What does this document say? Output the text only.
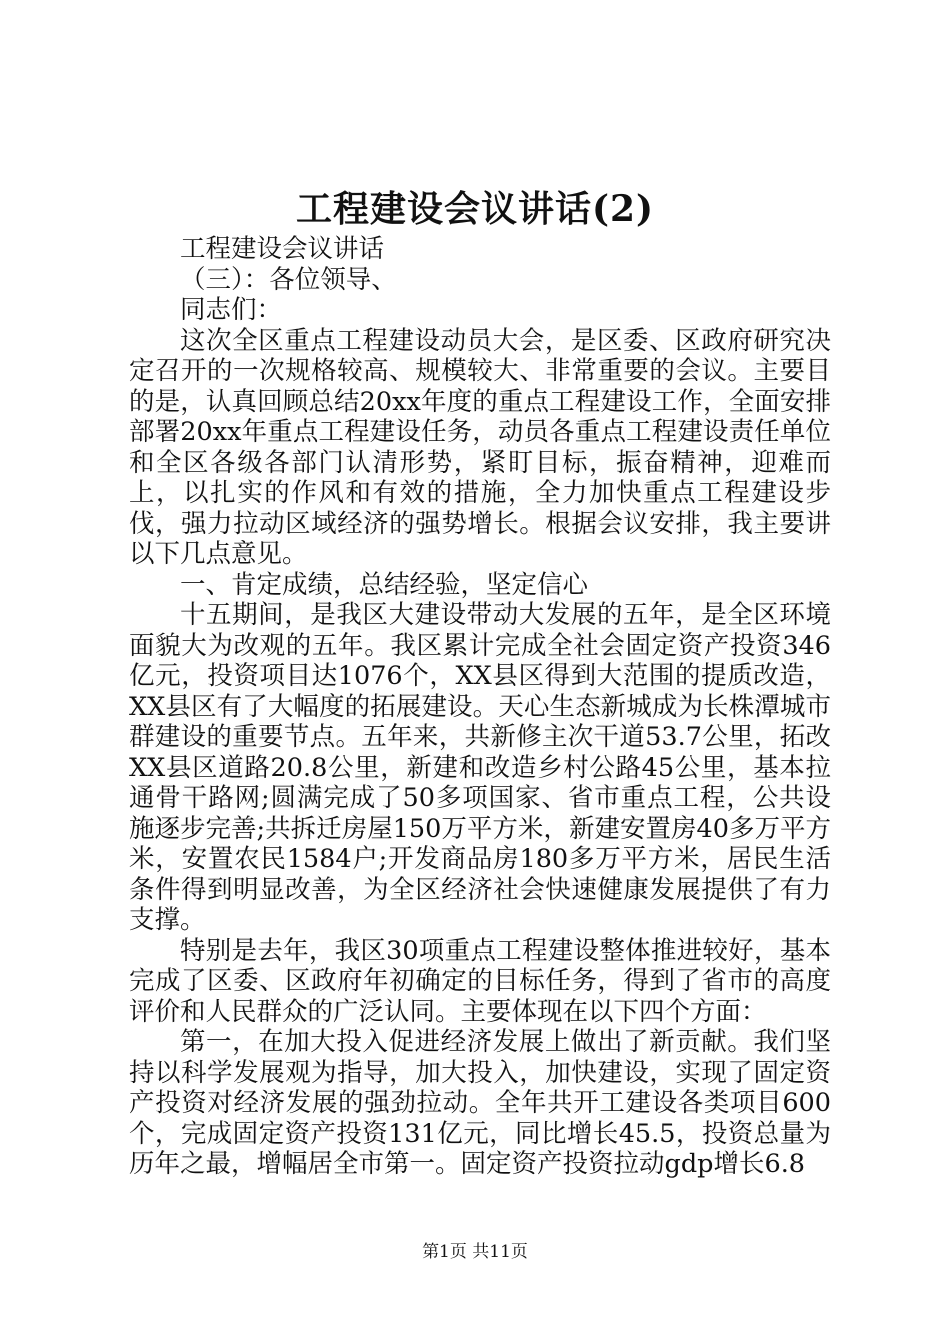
工程建设会议讲话(2)

工程建设会议讲话

（三）：各位领导、

同志们：

这次全区重点工程建设动员大会，是区委、区政府研究决定召开的一次规格较高、规模较大、非常重要的会议。主要目的是，认真回顾总结20xx年度的重点工程建设工作，全面安排部署20xx年重点工程建设任务，动员各重点工程建设责任单位和全区各级各部门认清形势，紧盯目标，振奋精神，迎难而上，以扎实的作风和有效的措施，全力加快重点工程建设步伐，强力拉动区域经济的强势增长。根据会议安排，我主要讲以下几点意见。

一、肯定成绩，总结经验，坚定信心

十五期间，是我区大建设带动大发展的五年，是全区环境面貌大为改观的五年。我区累计完成全社会固定资产投资346亿元，投资项目达1076个，XX县区得到大范围的提质改造，XX县区有了大幅度的拓展建设。天心生态新城成为长株潭城市群建设的重要节点。五年来，共新修主次干道53.7公里，拓改XX县区道路20.8公里，新建和改造乡村公路45公里，基本拉通骨干路网;圆满完成了50多项国家、省市重点工程，公共设施逐步完善;共拆迁房屋150万平方米，新建安置房40多万平方米，安置农民1584户;开发商品房180多万平方米，居民生活条件得到明显改善，为全区经济社会快速健康发展提供了有力支撑。

特别是去年，我区30项重点工程建设整体推进较好，基本完成了区委、区政府年初确定的目标任务，得到了省市的高度评价和人民群众的广泛认同。主要体现在以下四个方面：

第一，在加大投入促进经济发展上做出了新贡献。我们坚持以科学发展观为指导，加大投入，加快建设，实现了固定资产投资对经济发展的强劲拉动。全年共开工建设各类项目600个，完成固定资产投资131亿元，同比增长45.5，投资总量为历年之最，增幅居全市第一。固定资产投资拉动gdp增长6.8

第1页 共11页
